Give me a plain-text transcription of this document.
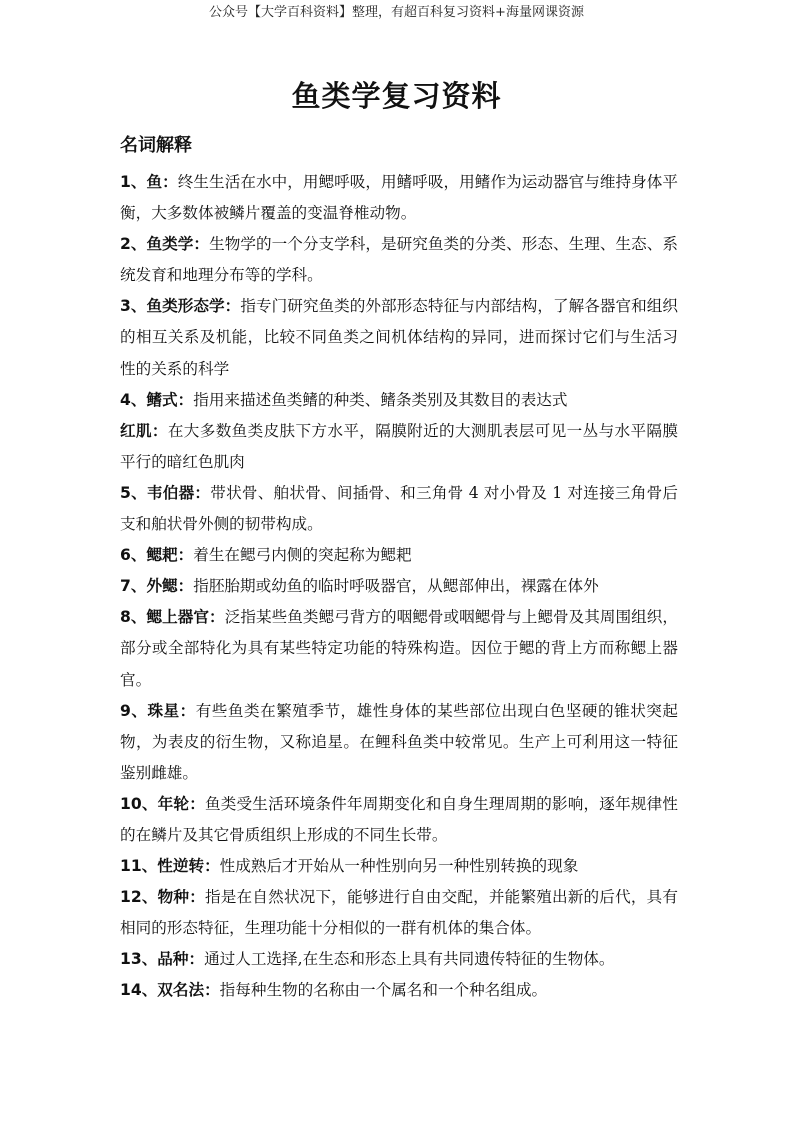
公众号【大学百科资料】整理，有超百科复习资料+海量网课资源
鱼类学复习资料
名词解释

1、鱼：终生生活在水中，用鳃呼吸，用鳍呼吸，用鳍作为运动器官与维持身体平衡，大多数体被鳞片覆盖的变温脊椎动物。

2、鱼类学：生物学的一个分支学科，是研究鱼类的分类、形态、生理、生态、系统发育和地理分布等的学科。

3、鱼类形态学：指专门研究鱼类的外部形态特征与内部结构，了解各器官和组织的相互关系及机能，比较不同鱼类之间机体结构的异同，进而探讨它们与生活习性的关系的科学

4、鳍式：指用来描述鱼类鳍的种类、鳍条类别及其数目的表达式

红肌：在大多数鱼类皮肤下方水平，隔膜附近的大测肌表层可见一丛与水平隔膜平行的暗红色肌肉

5、韦伯器：带状骨、舶状骨、间插骨、和三角骨 4 对小骨及 1 对连接三角骨后支和舶状骨外侧的韧带构成。

6、鳃耙：着生在鳃弓内侧的突起称为鳃耙

7、外鳃：指胚胎期或幼鱼的临时呼吸器官，从鳃部伸出，裸露在体外

8、鳃上器官：泛指某些鱼类鳃弓背方的咽鳃骨或咽鳃骨与上鳃骨及其周围组织，部分或全部特化为具有某些特定功能的特殊构造。因位于鳃的背上方而称鳃上器官。

9、珠星：有些鱼类在繁殖季节，雄性身体的某些部位出现白色坚硬的锥状突起物，为表皮的衍生物，又称追星。在鲤科鱼类中较常见。生产上可利用这一特征鉴别雌雄。

10、年轮：鱼类受生活环境条件年周期变化和自身生理周期的影响，逐年规律性的在鳞片及其它骨质组织上形成的不同生长带。

11、性逆转：性成熟后才开始从一种性别向另一种性别转换的现象

12、物种：指是在自然状况下，能够进行自由交配，并能繁殖出新的后代，具有相同的形态特征，生理功能十分相似的一群有机体的集合体。

13、品种：通过人工选择,在生态和形态上具有共同遗传特征的生物体。

14、双名法：指每种生物的名称由一个属名和一个种名组成。
